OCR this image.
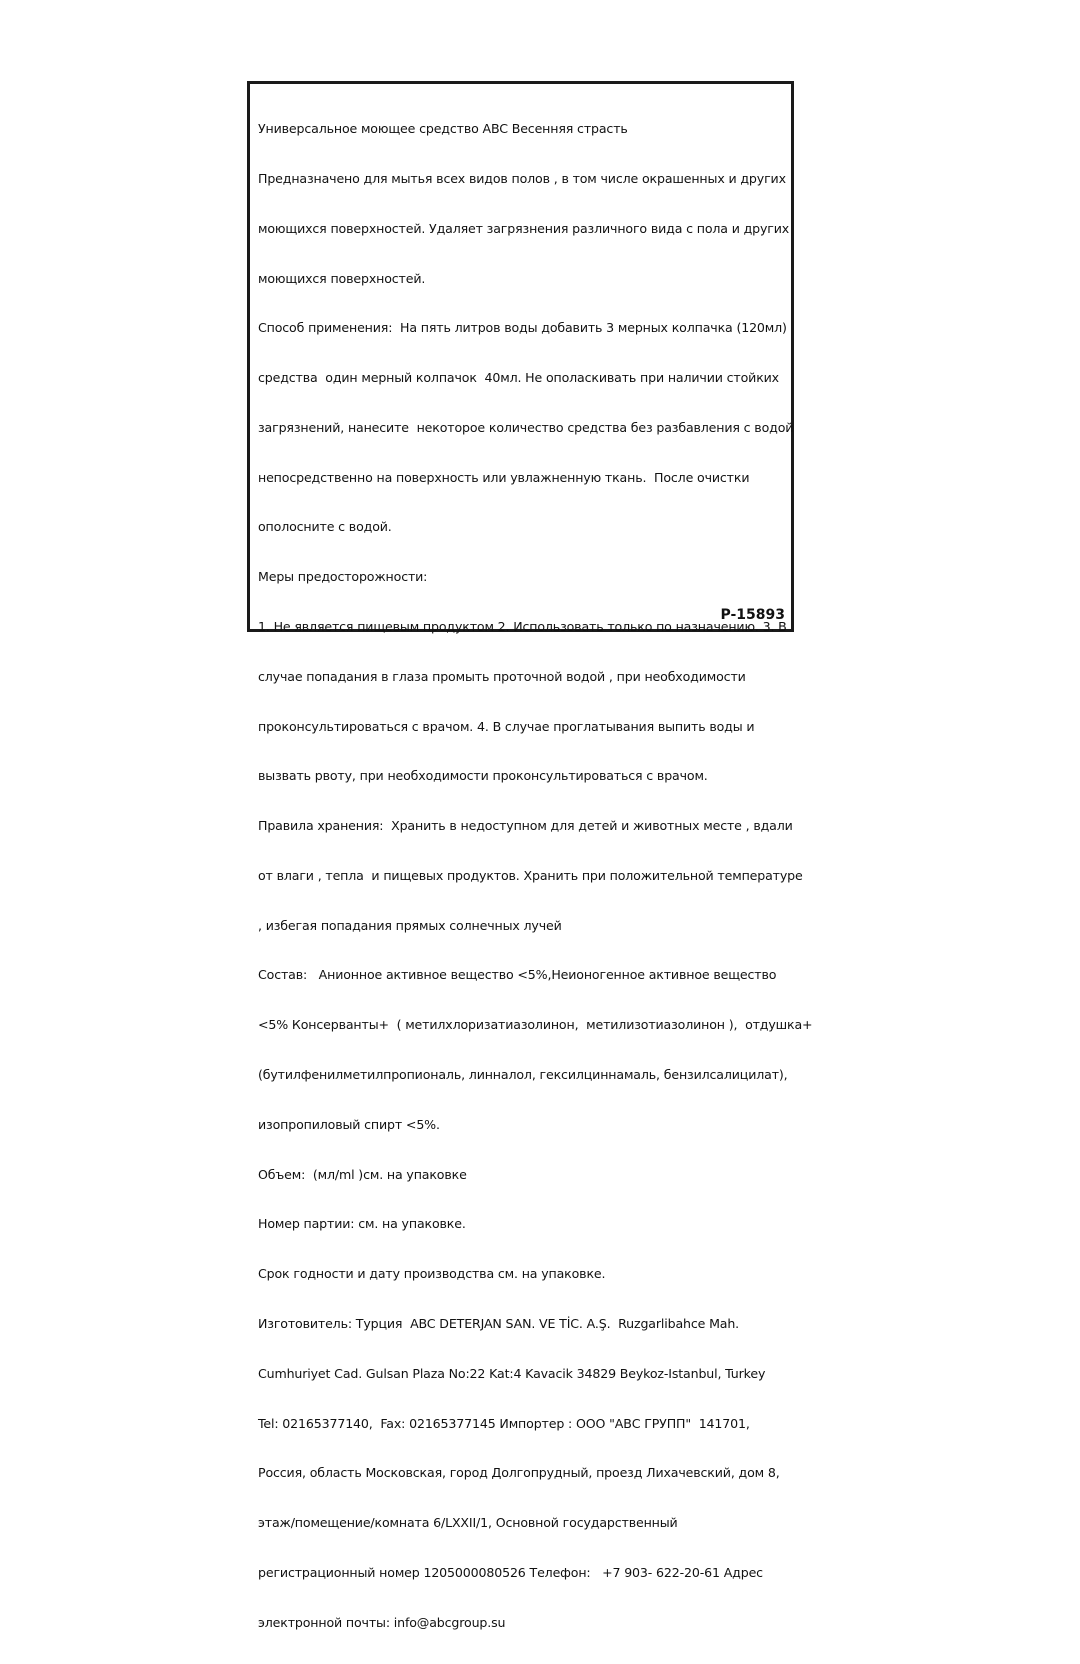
Универсальное моющее средство ABC Весенняя страсть

Предназначено для мытья всех видов полов , в том числе окрашенных и других

моющихся поверхностей. Удаляет загрязнения различного вида с пола и других

моющихся поверхностей.

Способ применения:  На пять литров воды добавить 3 мерных колпачка (120мл)

средства  один мерный колпачок  40мл. Не ополаскивать при наличии стойких

загрязнений, нанесите  некоторое количество средства без разбавления с водой

непосредственно на поверхность или увлажненную ткань.  После очистки

ополосните с водой.

Меры предосторожности:

1. Не является пищевым продуктом 2. Использовать только по назначению. 3. В

случае попадания в глаза промыть проточной водой , при необходимости

проконсультироваться с врачом. 4. В случае проглатывания выпить воды и

вызвать рвоту, при необходимости проконсультироваться с врачом.

Правила хранения:  Хранить в недоступном для детей и животных месте , вдали

от влаги , тепла  и пищевых продуктов. Хранить при положительной температуре

, избегая попадания прямых солнечных лучей

Состав:   Анионное активное вещество <5%,Неионогенное активное вещество

<5% Консерванты+  ( метилхлоризатиазолинон,  метилизотиазолинон ),  отдушка+

(бутилфенилметилпропиональ, линналол, гексилциннамаль, бензилсалицилат),

изопропиловый спирт <5%.

Объем:  (мл/ml )см. на упаковке

Номер партии: см. на упаковке.

Срок годности и дату производства см. на упаковке.

Изготовитель: Турция  ABC DETERJAN SAN. VE TİC. A.Ş.  Ruzgarlibahce Mah.

Cumhuriyet Cad. Gulsan Plaza No:22 Kat:4 Kavacik 34829 Beykoz-Istanbul, Turkey

Tel: 02165377140,  Fax: 02165377145 Импортер : ООО "АВС ГРУПП"  141701,

Россия, область Московская, город Долгопрудный, проезд Лихачевский, дом 8,

этаж/помещение/комната 6/LXXII/1, Основной государственный

регистрационный номер 1205000080526 Телефон:   +7 903- 622-20-61 Адрес

электронной почты: info@abcgroup.su

P-15893
